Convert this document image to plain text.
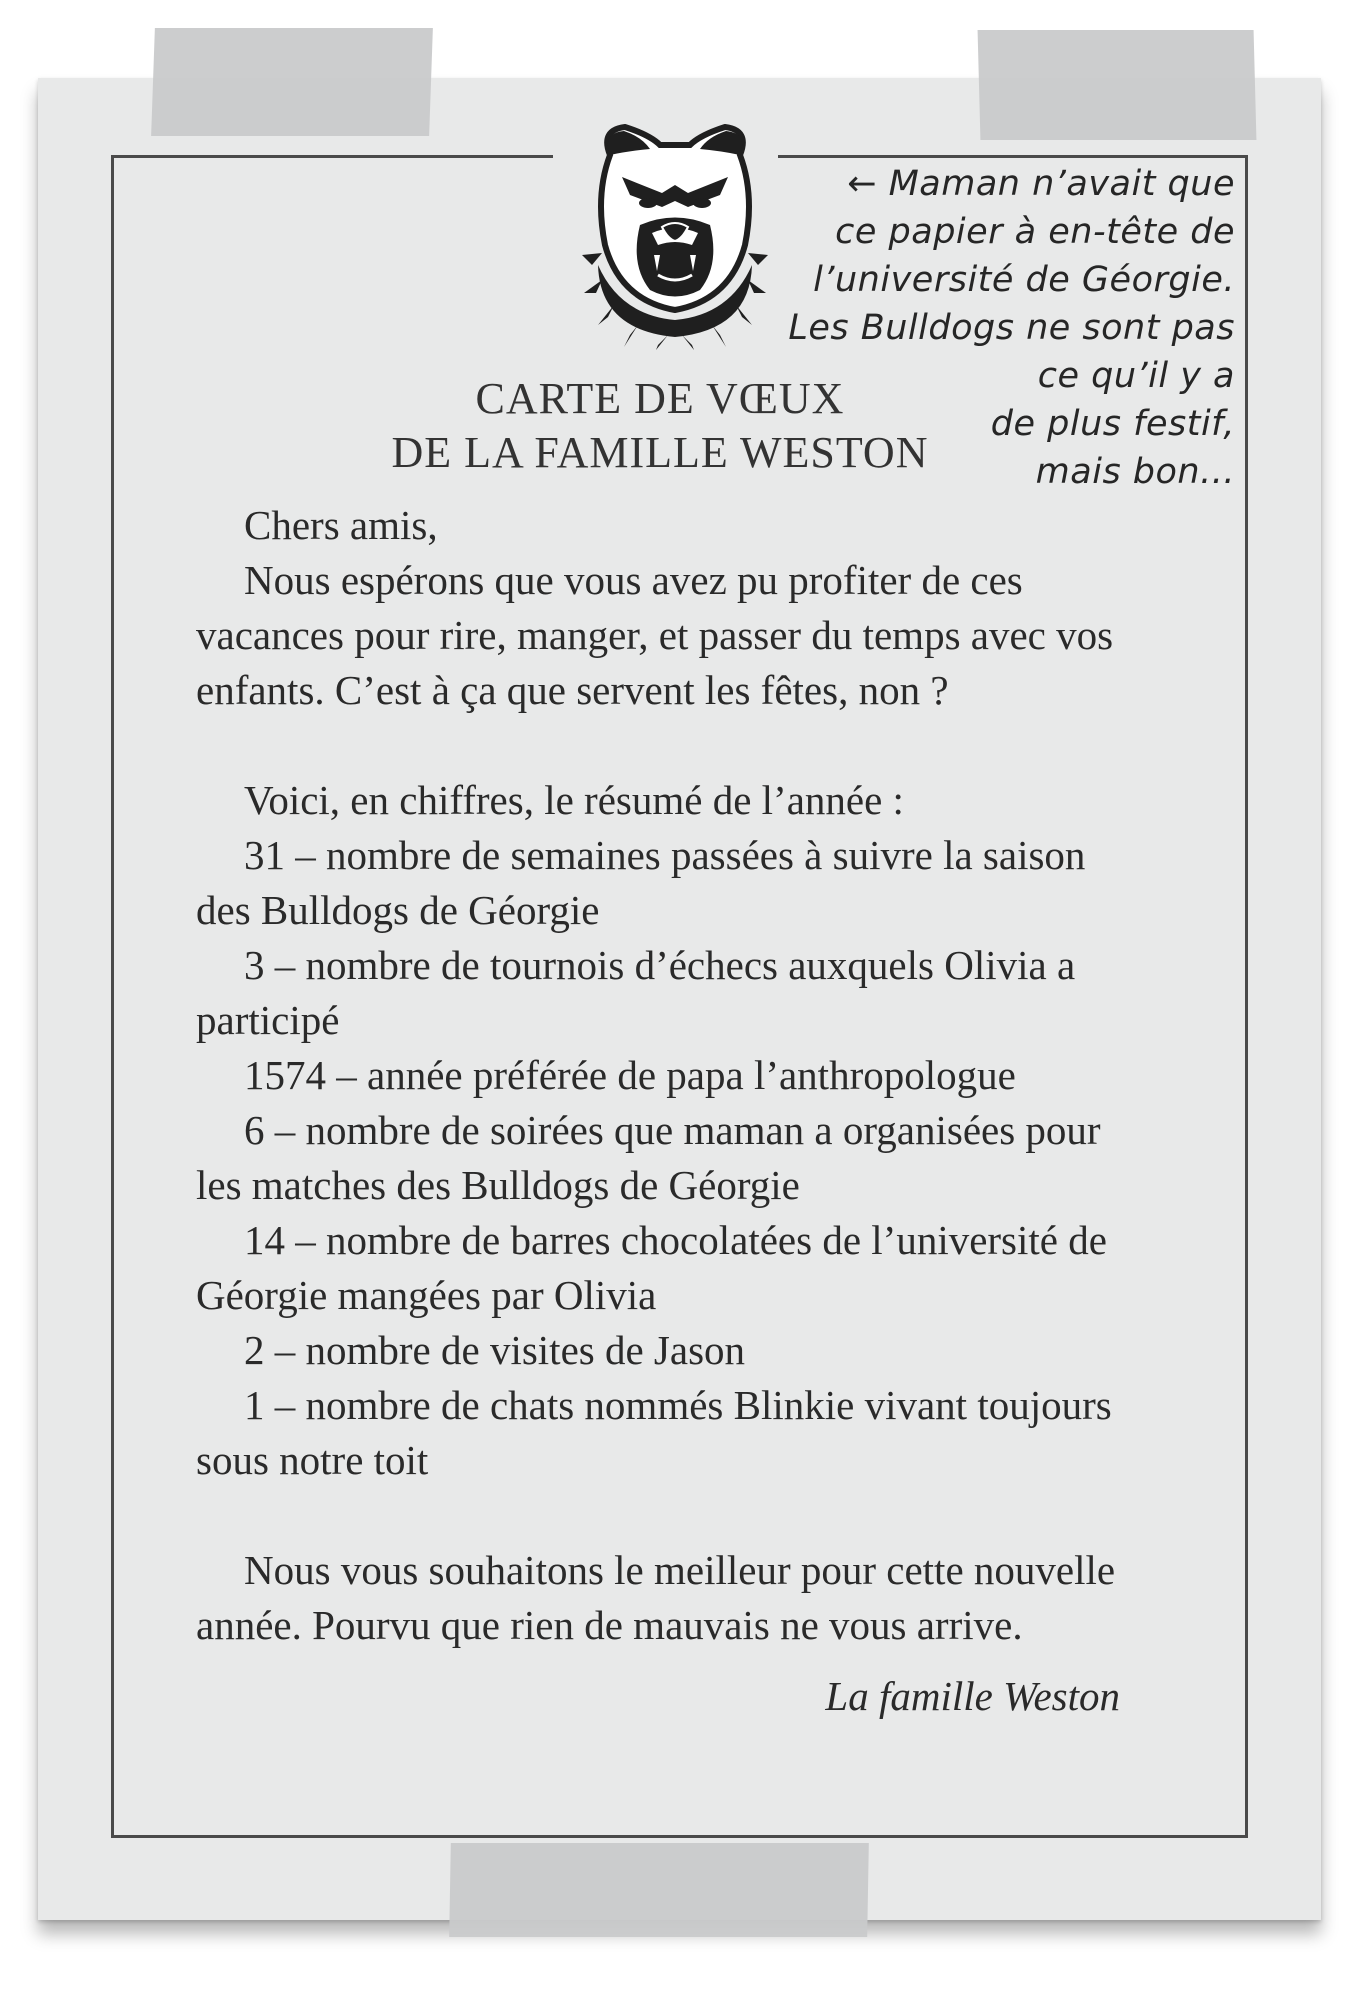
← Maman n’avait que
ce papier à en-tête de
l’université de Géorgie.
Les Bulldogs ne sont pas
ce qu’il y a
de plus festif,
mais bon...
CARTE DE VŒUX
DE LA FAMILLE WESTON

Chers amis,

Nous espérons que vous avez pu profiter de ces vacances pour rire, manger, et passer du temps avec vos enfants. C’est à ça que servent les fêtes, non ?

Voici, en chiffres, le résumé de l’année :

31 – nombre de semaines passées à suivre la saison des Bulldogs de Géorgie

3 – nombre de tournois d’échecs auxquels Olivia a participé

1574 – année préférée de papa l’anthropologue

6 – nombre de soirées que maman a organisées pour les matches des Bulldogs de Géorgie

14 – nombre de barres chocolatées de l’université de Géorgie mangées par Olivia

2 – nombre de visites de Jason

1 – nombre de chats nommés Blinkie vivant toujours sous notre toit

Nous vous souhaitons le meilleur pour cette nouvelle année. Pourvu que rien de mauvais ne vous arrive.

La famille Weston
